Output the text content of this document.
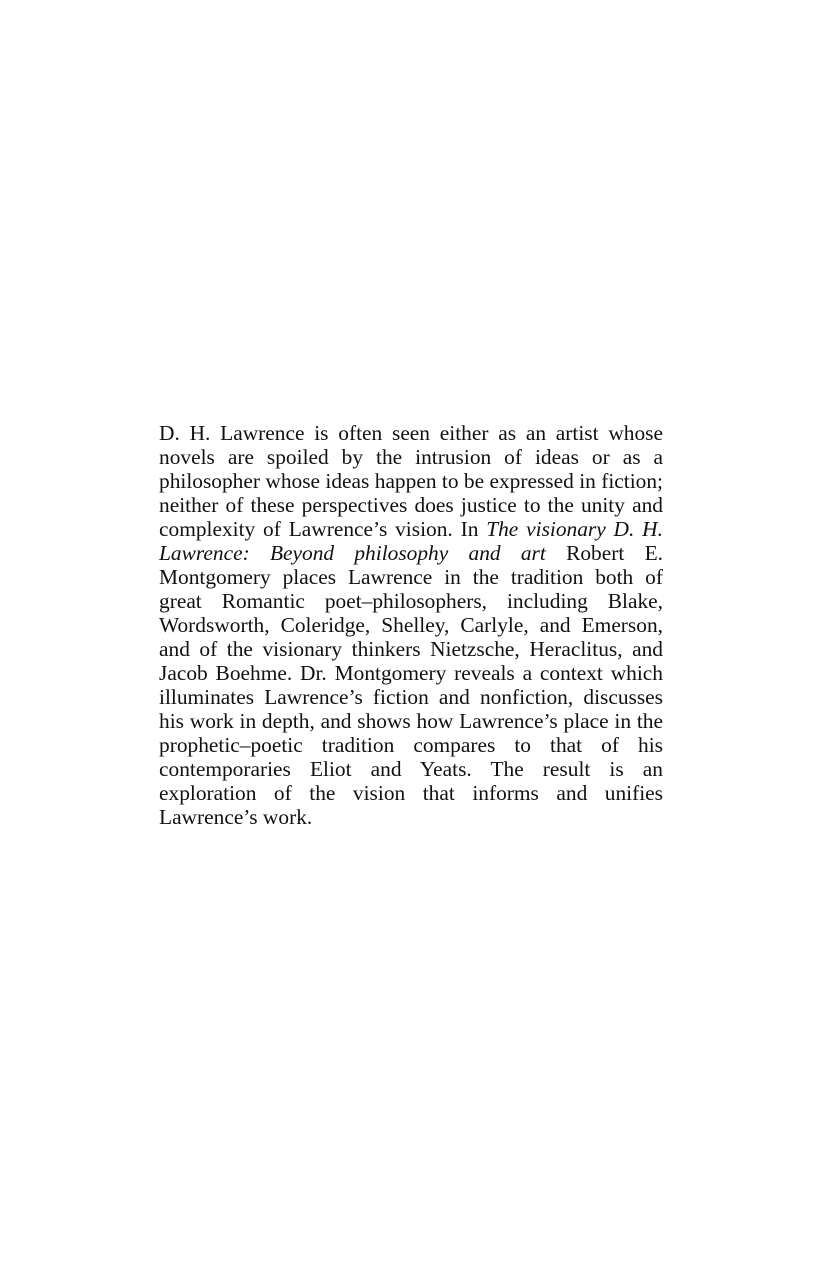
D. H. Lawrence is often seen either as an artist whose novels are spoiled by the intrusion of ideas or as a philosopher whose ideas happen to be expressed in fiction; neither of these perspectives does justice to the unity and complexity of Lawrence’s vision. In The visionary D. H. Lawrence: Beyond philosophy and art Robert E. Montgomery places Lawrence in the tradition both of great Romantic poet–philosophers, including Blake, Wordsworth, Coleridge, Shelley, Carlyle, and Emerson, and of the visionary thinkers Nietzsche, Heraclitus, and Jacob Boehme. Dr. Montgomery reveals a context which illuminates Lawrence’s fiction and nonfiction, discusses his work in depth, and shows how Lawrence’s place in the prophetic–poetic tradition compares to that of his contemporaries Eliot and Yeats. The result is an exploration of the vision that informs and unifies Lawrence’s work.
